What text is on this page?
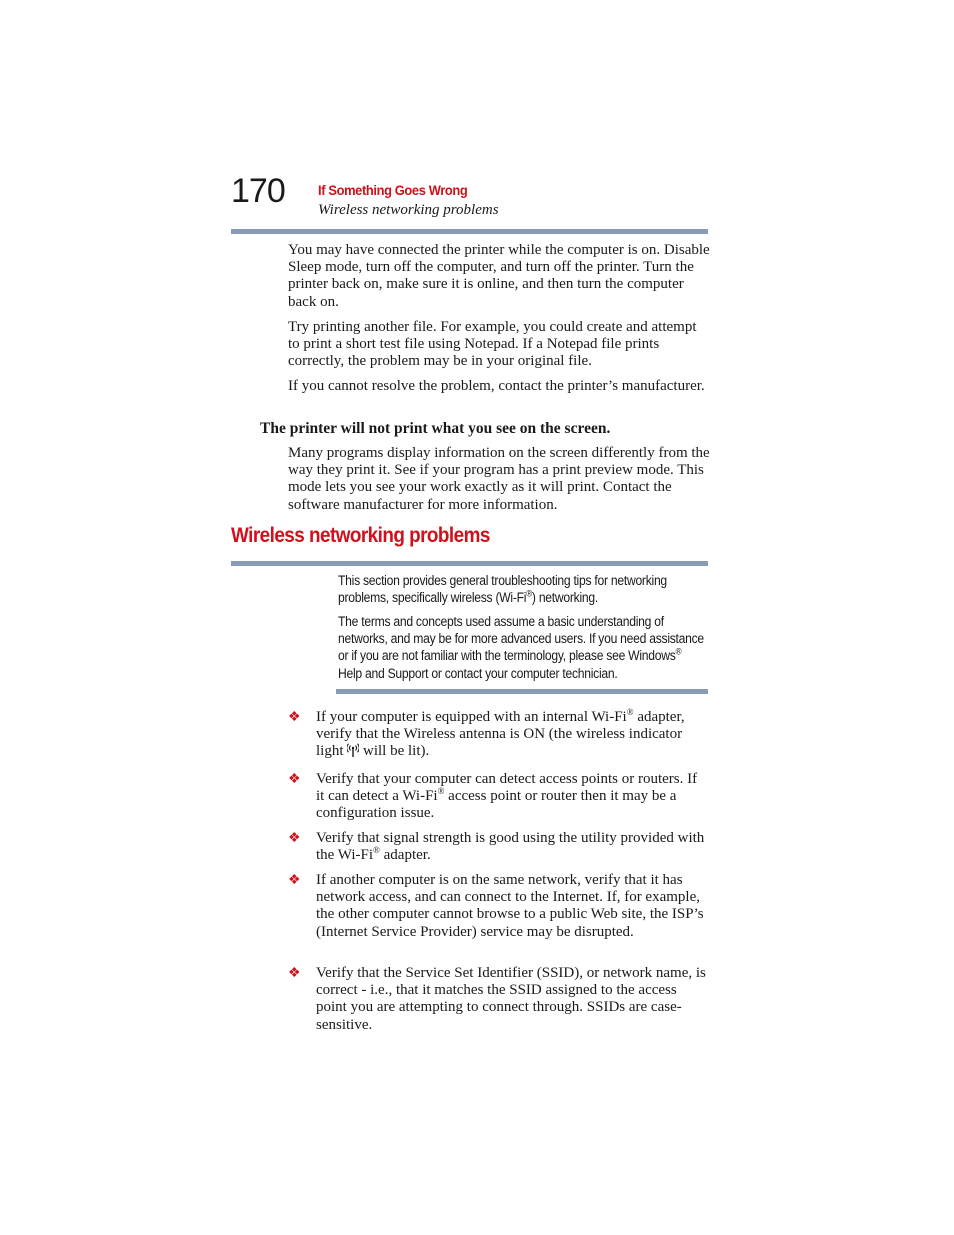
170 If Something Goes Wrong
Wireless networking problems
You may have connected the printer while the computer is on. Disable Sleep mode, turn off the computer, and turn off the printer. Turn the printer back on, make sure it is online, and then turn the computer back on.
Try printing another file. For example, you could create and attempt to print a short test file using Notepad. If a Notepad file prints correctly, the problem may be in your original file.
If you cannot resolve the problem, contact the printer’s manufacturer.
The printer will not print what you see on the screen.
Many programs display information on the screen differently from the way they print it. See if your program has a print preview mode. This mode lets you see your work exactly as it will print. Contact the software manufacturer for more information.
Wireless networking problems
This section provides general troubleshooting tips for networking problems, specifically wireless (Wi-Fi®) networking.
The terms and concepts used assume a basic understanding of networks, and may be for more advanced users. If you need assistance or if you are not familiar with the terminology, please see Windows® Help and Support or contact your computer technician.
❖ If your computer is equipped with an internal Wi-Fi® adapter, verify that the Wireless antenna is ON (the wireless indicator light  will be lit).
❖ Verify that your computer can detect access points or routers. If it can detect a Wi-Fi® access point or router then it may be a configuration issue.
❖ Verify that signal strength is good using the utility provided with the Wi-Fi® adapter.
❖ If another computer is on the same network, verify that it has network access, and can connect to the Internet. If, for example, the other computer cannot browse to a public Web site, the ISP’s (Internet Service Provider) service may be disrupted.
❖ Verify that the Service Set Identifier (SSID), or network name, is correct - i.e., that it matches the SSID assigned to the access point you are attempting to connect through. SSIDs are case-sensitive.
